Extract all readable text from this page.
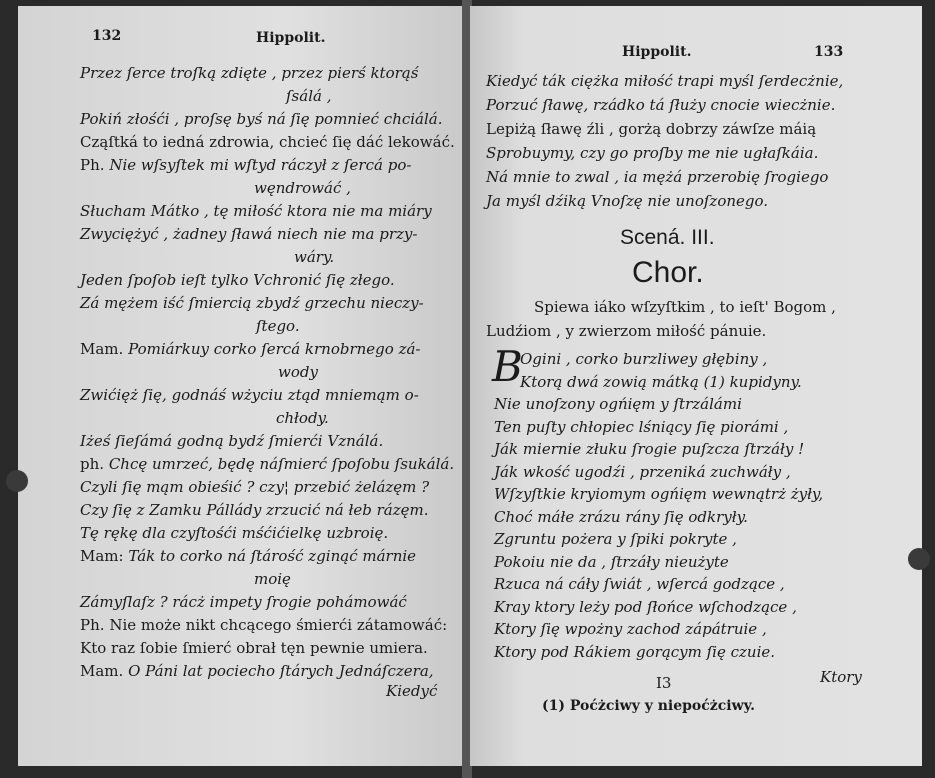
132	Hippolit.
Przez ſerce troſką zdięte , przez pierś ktorąś
ſsálá ,
Pokiń złośći , proſsę byś ná ſię pomnieć chciálá.
Cząſtká to iedná zdrowia, chcieć ſię dáć lekowáć.
Ph. Nie wſsyſtek mi wſtyd ráczył z ſercá po-
węndrowáć ,
Słucham Mátko , tę miłość ktora nie ma miáry
Zwyciężyć , żadney ſławá niech nie ma przy-
wáry.
Jeden ſpoſob ieſt tylko Vchronić ſię złego.
Zá mężem iść ſmiercią zbydź grzechu nieczy-
ſtego.
Mam. Pomiárkuy corko ſercá krnobrnego zá-
wody
Zwićięż ſię, godnáś wżyciu ztąd mniemąm o-
chłody.
Iżeś ſieſámá godną bydź ſmierći Vználá.
ph. Chcę umrzeć, będę náſmierć ſpoſobu ſsukálá.
Czyli ſię mąm obieśić ? czy¦ przebić żelázęm ?
Czy ſię z Zamku Pállády zrzucić ná łeb rázęm.
Tę rękę dla czyſtośći mśćićielkę uzbroię.
Mam: Ták to corko ná ſtárość zginąć márnie
moię
Zámyſlaſz ? rácż impety ſrogie pohámowáć
Ph. Nie może nikt chcącego śmierći zátamowáć:
Kto raz ſobie ſmierć obrał tęn pewnie umiera.
Mam. O Páni lat pociecho ſtárych Jednáſczera,
Kiedyć
Hippolit.	133
Kiedyć ták ciężka miłość trapi myśl ſerdecżnie,
Porzuć ſławę, rzádko tá ſłuży cnocie wiecżnie.
Lepiżą ſławę źli , gorżą dobrzy záwſze máią
Sprobuymy, czy go proſby me nie ugłaſkáia.
Ná mnie to zwal , ia mężá przerobię ſrogiego
Ja myśl dźiką Vnoſzę nie unoſzonego.
Scená. III.
Chor.
Spiewa iáko wſzyſtkim , to ieſt' Bogom ,
Ludźiom , y zwierzom miłość pánuie.
B
Ogini , corko burzliwey głębiny ,
Ktorą dwá zowią mátką (1) kupidyny.
Nie unoſzony ogńięm y ſtrzálámi
Ten puſty chłopiec lśniący ſię piorámi ,
Ják miernie złuku ſrogie puſzcza ſtrzáły !
Ják wkość ugodźi , przeniká zuchwáły ,
Wſzyſtkie kryiomym ogńięm wewnątrż żyły,
Choć máłe zrázu rány ſię odkryły.
Zgruntu pożera y ſpiki pokryte ,
Pokoiu nie da , ſtrzáły nieużyte
Rzuca ná cáły ſwiát , wſercá godzące ,
Kray ktory leży pod ſłońce wſchodzące ,
Ktory ſię wpożny zachod zápátruie ,
Ktory pod Rákiem gorącym ſię czuie.
I3	Ktory
(1) Poćżciwy y niepoćżciwy.
